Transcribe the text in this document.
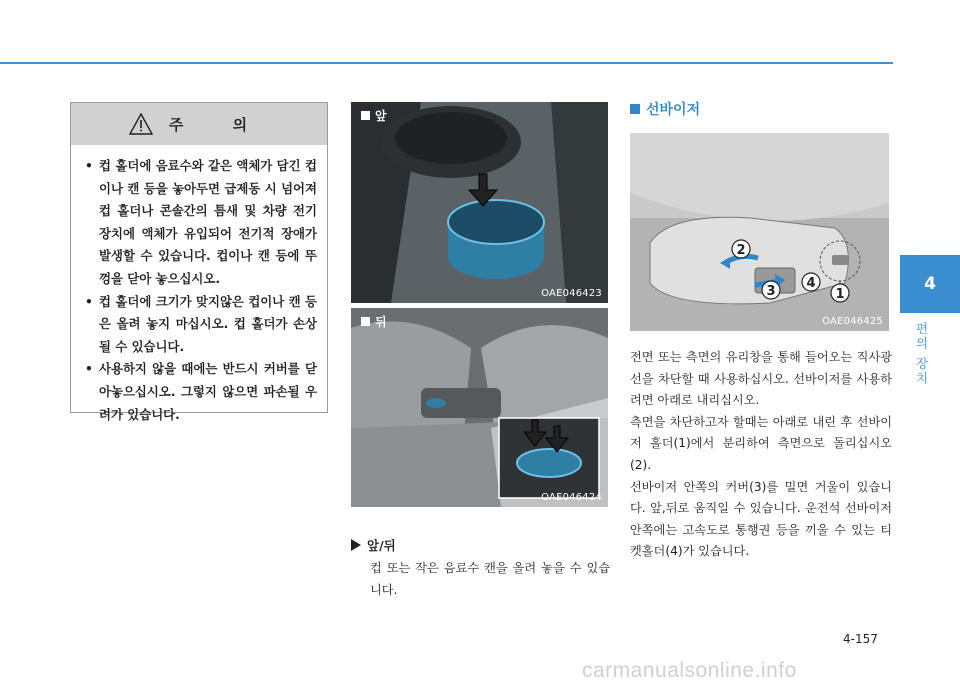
주 의
• 컵 홀더에 음료수와 같은 액체가 담긴 컵이나 캔 등을 놓아두면 급제동 시 넘어져 컵 홀더나 콘솔간의 틈새 및 차량 전기 장치에 액체가 유입되어 전기적 장애가 발생할 수 있습니다. 컵이나 캔 등에 뚜껑을 닫아 놓으십시오.
• 컵 홀더에 크기가 맞지않은 컵이나 캔 등은 올려 놓지 마십시오. 컵 홀더가 손상 될 수 있습니다.
• 사용하지 않을 때에는 반드시 커버를 닫아놓으십시오. 그렇지 않으면 파손될 우려가 있습니다.
앞
OAE046423
뒤
OAE046424
앞/뒤
컵 또는 작은 음료수 캔을 올려 놓을 수 있습니다.
선바이저
2
3
4
1
OAE046425

전면 또는 측면의 유리창을 통해 들어오는 직사광선을 차단할 때 사용하십시오. 선바이저를 사용하려면 아래로 내리십시오.

측면을 차단하고자 할때는 아래로 내린 후 선바이저 홀더(1)에서 분리하여 측면으로 돌리십시오(2).

선바이저 안쪽의 커버(3)를 밀면 거울이 있습니다. 앞,뒤로 움직일 수 있습니다. 운전석 선바이저 안쪽에는 고속도로 통행권 등을 끼울 수 있는 티켓홀더(4)가 있습니다.

4
편의 장치
4-157
carmanualsonline.info
